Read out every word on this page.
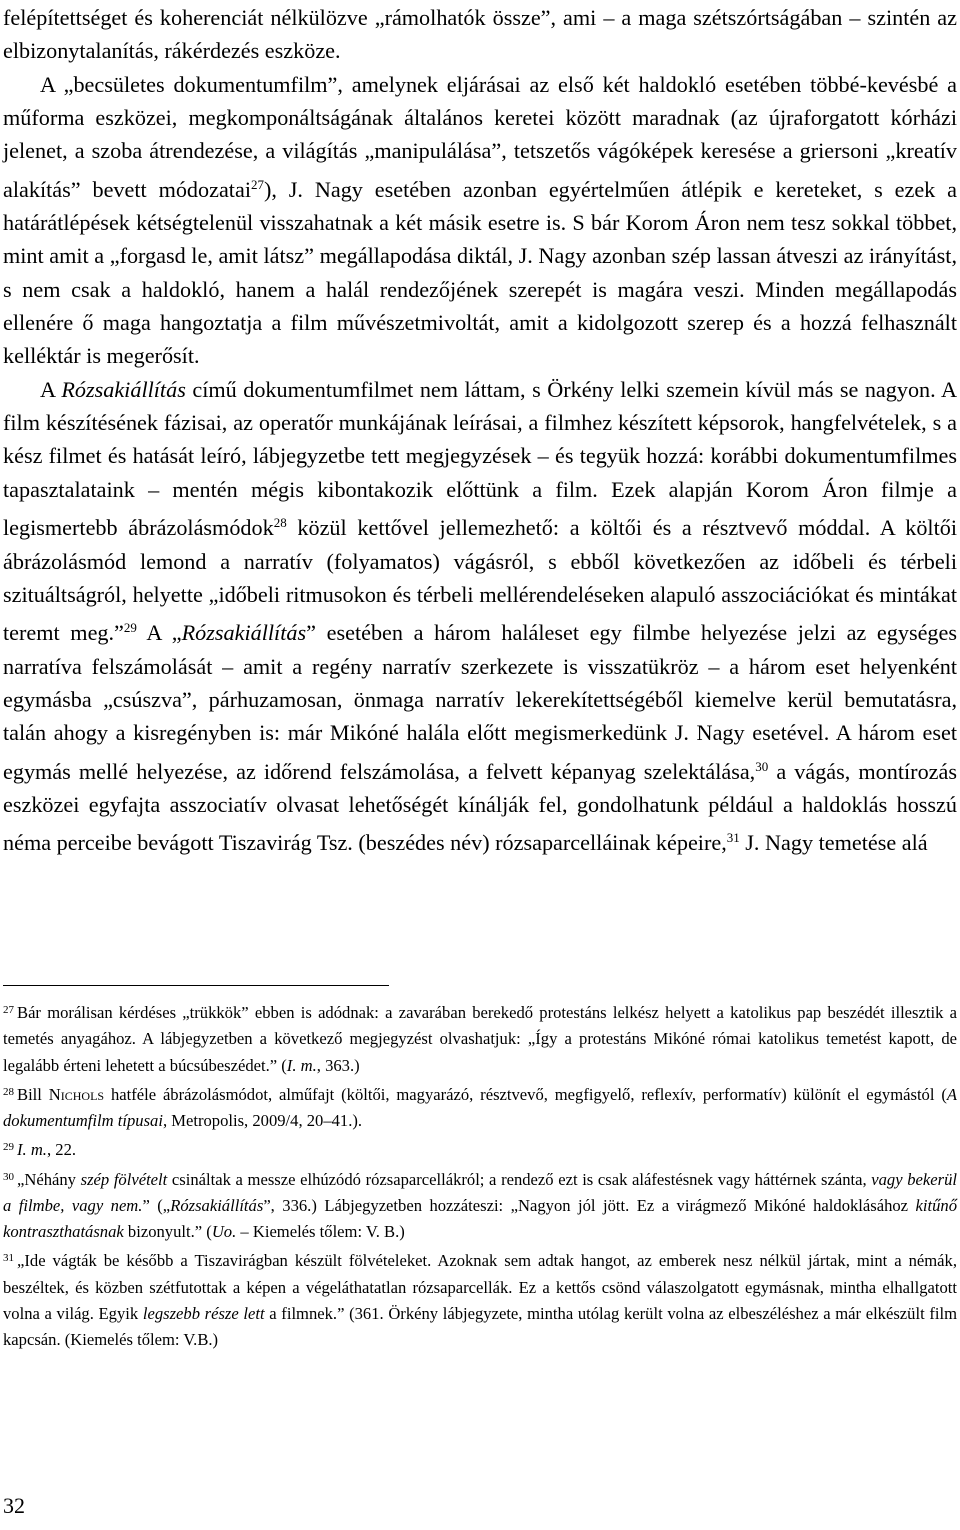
felépítettséget és koherenciát nélkülözve „rámolhatók össze”, ami – a maga szétszórtságában – szintén az elbizonytalanítás, rákérdezés eszköze.

A „becsületes dokumentumfilm”, amelynek eljárásai az első két haldokló esetében többé-kevésbé a műforma eszközei, megkomponáltságának általános keretei között maradnak (az újraforgatott kórházi jelenet, a szoba átrendezése, a világítás „manipulálása”, tetszetős vágóképek keresése a griersoni „kreatív alakítás” bevett módozatai$^{27}$), J. Nagy esetében azonban egyértelműen átlépik e kereteket, s ezek a határátlépések kétségtelenül visszahatnak a két másik esetre is. S bár Korom Áron nem tesz sokkal többet, mint amit a „forgasd le, amit látsz” megállapodása diktál, J. Nagy azonban szép lassan átveszi az irányítást, s nem csak a haldokló, hanem a halál rendezőjének szerepét is magára veszi. Minden megállapodás ellenére ő maga hangoztatja a film művészetmivoltát, amit a kidolgozott szerep és a hozzá felhasznált kelléktár is megerősít.

A Rózsakiállítás című dokumentumfilmet nem láttam, s Örkény lelki szemein kívül más se nagyon. A film készítésének fázisai, az operatőr munkájának leírásai, a filmhez készített képsorok, hangfelvételek, s a kész filmet és hatását leíró, lábjegyzetbe tett megjegyzések – és tegyük hozzá: korábbi dokumentumfilmes tapasztalataink – mentén mégis kibontakozik előttünk a film. Ezek alapján Korom Áron filmje a legismertebb ábrázolásmódok$^{28}$ közül kettővel jellemezhető: a költői és a résztvevő móddal. A költői ábrázolásmód lemond a narratív (folyamatos) vágásról, s ebből következően az időbeli és térbeli szituáltságról, helyette „időbeli ritmusokon és térbeli mellérendeléseken alapuló asszociációkat és mintákat teremt meg.”$^{29}$ A „Rózsakiállítás” esetében a három haláleset egy filmbe helyezése jelzi az egységes narratíva felszámolását – amit a regény narratív szerkezete is visszatükröz – a három eset helyenként egymásba „csúszva”, párhuzamosan, önmaga narratív lekerekítettségéből kiemelve kerül bemutatásra, talán ahogy a kisregényben is: már Mikóné halála előtt megismerkedünk J. Nagy esetével. A három eset egymás mellé helyezése, az időrend felszámolása, a felvett képanyag szelektálása,$^{30}$ a vágás, montírozás eszközei egyfajta asszociatív olvasat lehetőségét kínálják fel, gondolhatunk például a haldoklás hosszú néma perceibe bevágott Tiszavirág Tsz. (beszédes név) rózsaparcelláinak képeire,$^{31}$ J. Nagy temetése alá

$^{27}$ Bár morálisan kérdéses „trükkök” ebben is adódnak: a zavarában berekedő protestáns lelkész helyett a katolikus pap beszédét illesztik a temetés anyagához. A lábjegyzetben a következő megjegyzést olvashatjuk: „Így a protestáns Mikóné római katolikus temetést kapott, de legalább érteni lehetett a búcsúbeszédet.” (I. m., 363.)

$^{28}$ Bill Nichols hatféle ábrázolásmódot, alműfajt (költői, magyarázó, résztvevő, megfigyelő, reflexív, performatív) különít el egymástól (A dokumentumfilm típusai, Metropolis, 2009/4, 20–41.).

$^{29}$ I. m., 22.

$^{30}$ „Néhány szép fölvételt csináltak a messze elhúzódó rózsaparcellákról; a rendező ezt is csak aláfestésnek vagy háttérnek szánta, vagy bekerül a filmbe, vagy nem.” („Rózsakiállítás”, 336.) Lábjegyzetben hozzáteszi: „Nagyon jól jött. Ez a virágmező Mikóné haldoklásához kitűnő kontraszthatásnak bizonyult.” (Uo. – Kiemelés tőlem: V. B.)

$^{31}$ „Ide vágták be később a Tiszavirágban készült fölvételeket. Azoknak sem adtak hangot, az emberek nesz nélkül jártak, mint a némák, beszéltek, és közben szétfutottak a képen a végeláthatatlan rózsaparcellák. Ez a kettős csönd válaszolgatott egymásnak, mintha elhallgatott volna a világ. Egyik legszebb része lett a filmnek.” (361. Örkény lábjegyzete, mintha utólag került volna az elbeszéléshez a már elkészült film kapcsán. (Kiemelés tőlem: V.B.)

32
